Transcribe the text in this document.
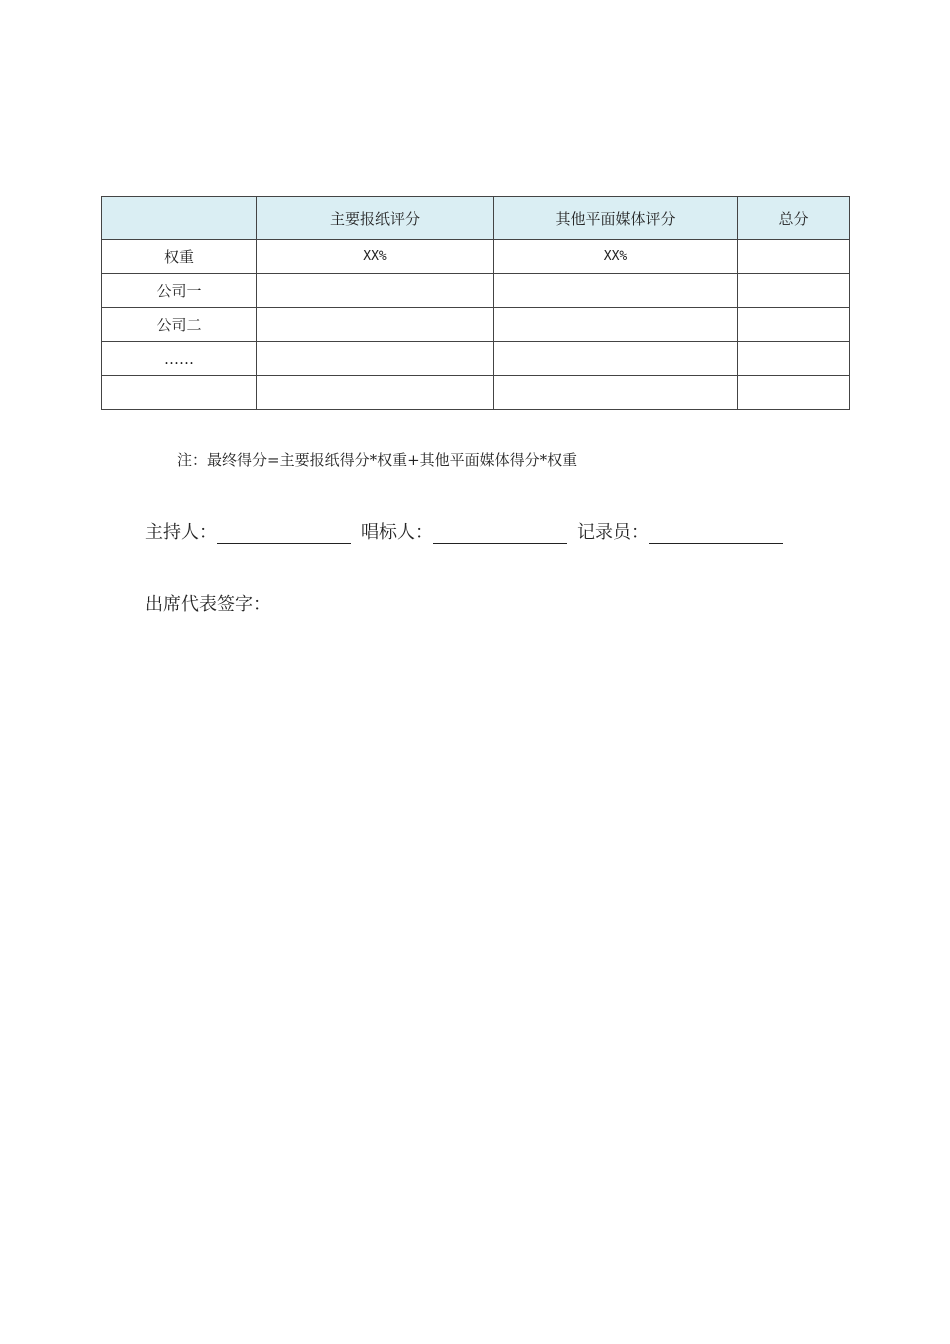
	主要报纸评分	其他平面媒体评分	总分
权重	XX%	XX%	
公司一			
公司二			
……			

注：最终得分=主要报纸得分*权重+其他平面媒体得分*权重
主持人：	唱标人：	记录员：
出席代表签字：
